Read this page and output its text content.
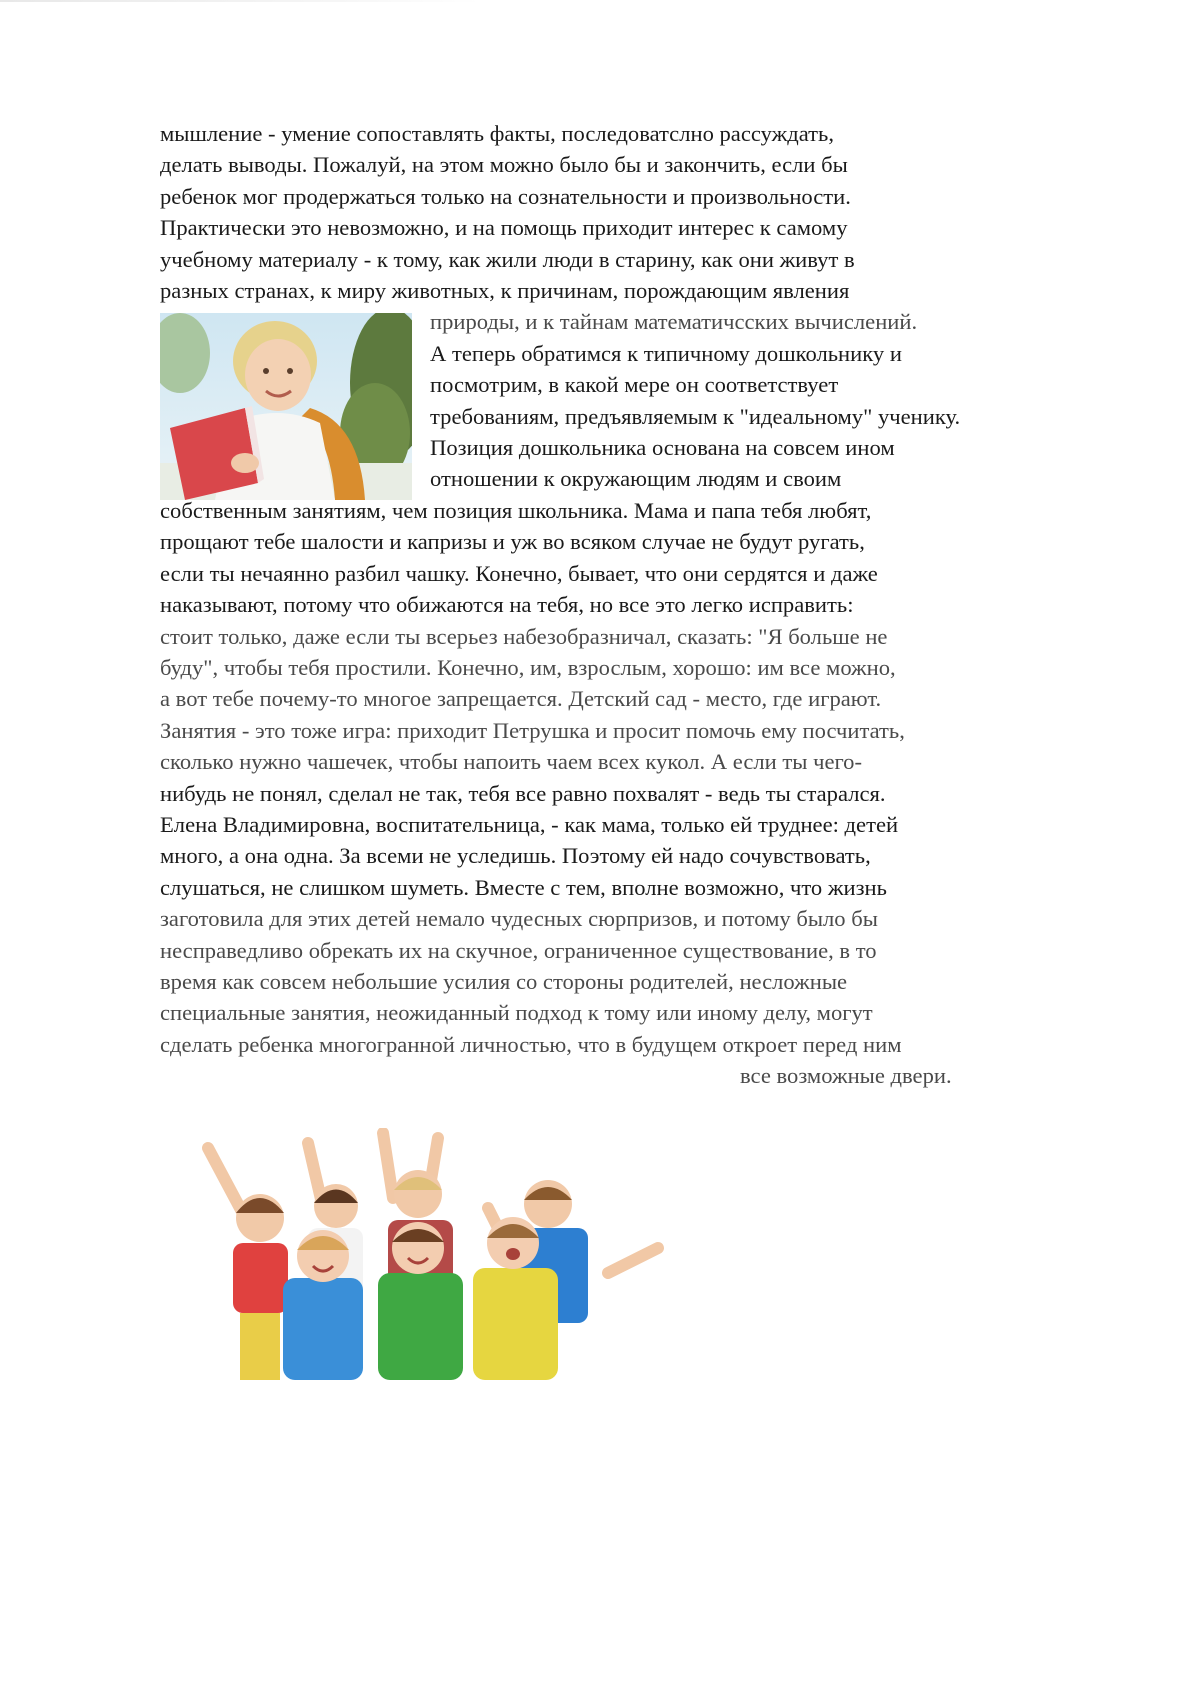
мышление - умение сопоставлять факты, последоватслно рассуждать,
делать выводы. Пожалуй, на этом можно было бы и закончить, если бы
ребенок мог продержаться только на сознательности и произвольности.
Практически это невозможно, и на помощь приходит интерес к самому
учебному материалу - к тому, как жили люди в старину, как они живут в
разных странах, к миру животных, к причинам, порождающим явления
природы, и к тайнам математичсских вычислений.
А теперь обратимся к типичному дошкольнику и
посмотрим, в какой мере он соответствует
требованиям, предъявляемым к "идеальному" ученику.
Позиция дошкольника основана на совсем ином
отношении к окружающим людям и своим
собственным занятиям, чем позиция школьника. Мама и папа тебя любят,
прощают тебе шалости и капризы и уж во всяком случае не будут ругать,
если ты нечаянно разбил чашку. Конечно, бывает, что они сердятся и даже
наказывают, потому что обижаются на тебя, но все это легко исправить:
стоит только, даже если ты всерьез набезобразничал, сказать: "Я больше не
буду", чтобы тебя простили. Конечно, им, взрослым, хорошо: им все можно,
а вот тебе почему-то многое запрещается. Детский сад - место, где играют.
Занятия - это тоже игра: приходит Петрушка и просит помочь ему посчитать,
сколько нужно чашечек, чтобы напоить чаем всех кукол. А если ты чего-
нибудь не понял, сделал не так, тебя все равно похвалят - ведь ты старался.
Елена Владимировна, воспитательница, - как мама, только ей труднее: детей
много, а она одна. За всеми не уследишь. Поэтому ей надо сочувствовать,
слушаться, не слишком шуметь. Вместе с тем, вполне возможно, что жизнь
заготовила для этих детей немало чудесных сюрпризов, и потому было бы
несправедливо обрекать их на скучное, ограниченное существование, в то
время как совсем небольшие усилия со стороны родителей, несложные
специальные занятия, неожиданный подход к тому или иному делу, могут
сделать ребенка многогранной личностью, что в будущем откроет перед ним
все возможные двери.
